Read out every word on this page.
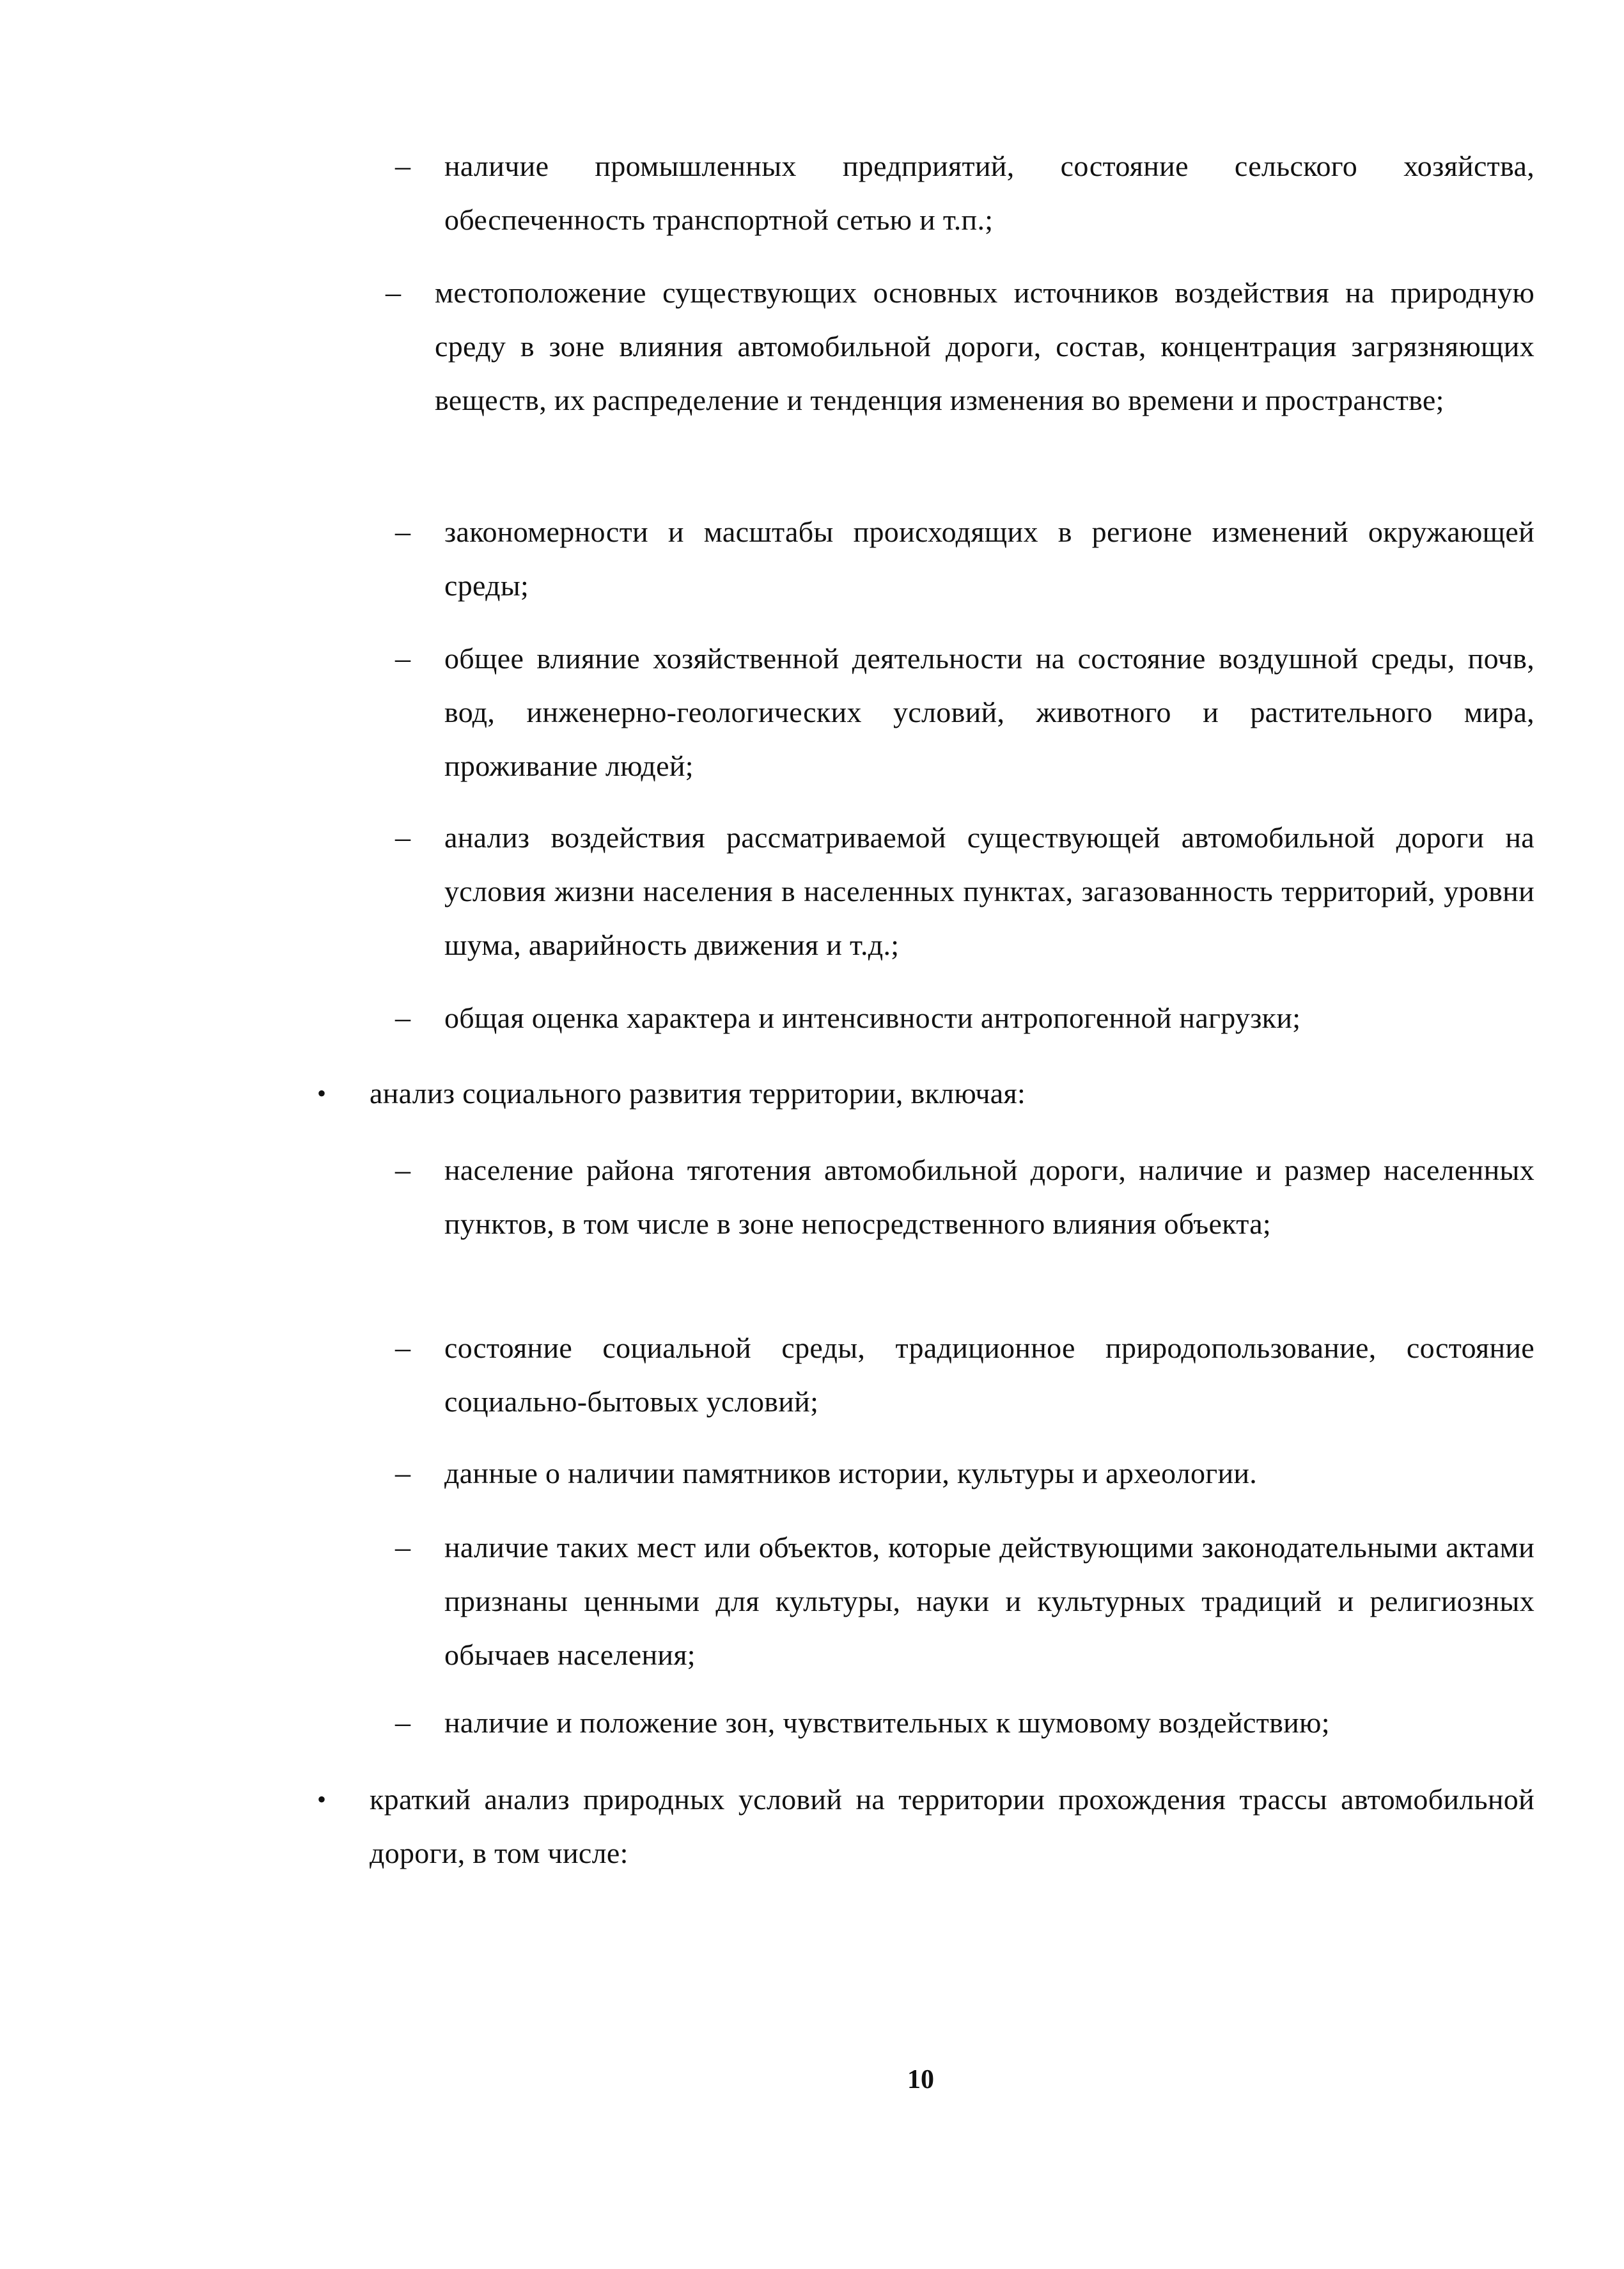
– наличие промышленных предприятий, состояние сельского хозяйства, обеспеченность транспортной сетью и т.п.;
– местоположение существующих основных источников воздействия на природную среду в зоне влияния автомобильной дороги, состав, концентрация загрязняющих веществ, их распределение и тенденция изменения во времени и пространстве;
– закономерности и масштабы происходящих в регионе изменений окружающей среды;
– общее влияние хозяйственной деятельности на состояние воздушной среды, почв, вод, инженерно-геологических условий, животного и растительного мира, проживание людей;
– анализ воздействия рассматриваемой существующей автомобильной дороги на условия жизни населения в населенных пунктах, загазованность территорий, уровни шума, аварийность движения и т.д.;
– общая оценка характера и интенсивности антропогенной нагрузки;
• анализ социального развития территории, включая:
– население района тяготения автомобильной дороги, наличие и размер населенных пунктов, в том числе в зоне непосредственного влияния объекта;
– состояние социальной среды, традиционное природопользование, состояние социально-бытовых условий;
– данные о наличии памятников истории, культуры и археологии.
– наличие таких мест или объектов, которые действующими законодательными актами признаны ценными для культуры, науки и культурных традиций и религиозных обычаев населения;
– наличие и положение зон, чувствительных к шумовому воздействию;
• краткий анализ природных условий на территории прохождения трассы автомобильной дороги, в том числе:
10
